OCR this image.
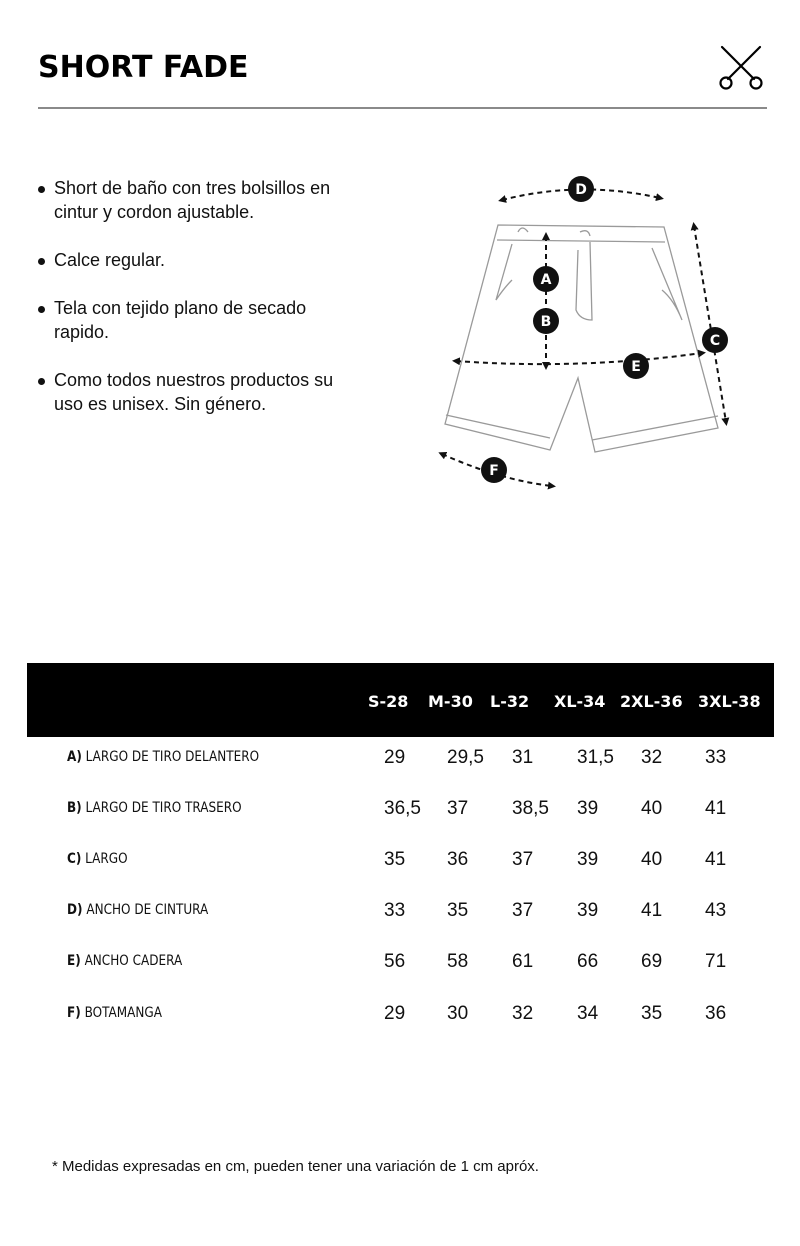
SHORT FADE
Short de baño con tres bolsillos en cintur y cordon ajustable.
Calce regular.
Tela con tejido plano de secado rapido.
Como todos nuestros productos su uso es unisex. Sin género.
D
A
B
C
E
F
S-28	M-30	L-32	XL-34 2XL-36 3XL-38
A) LARGO DE TIRO DELANTERO	29 29,5 31 31,5 32 33
B) LARGO DE TIRO TRASERO	36,5 37 38,5 39 40 41
C) LARGO	35 36 37 39 40 41
D) ANCHO DE CINTURA	33 35 37 39 41 43
E) ANCHO CADERA	56 58 61 66 69 71
F) BOTAMANGA	29 30 32 34 35 36
* Medidas expresadas en cm, pueden tener una variación de 1 cm apróx.
